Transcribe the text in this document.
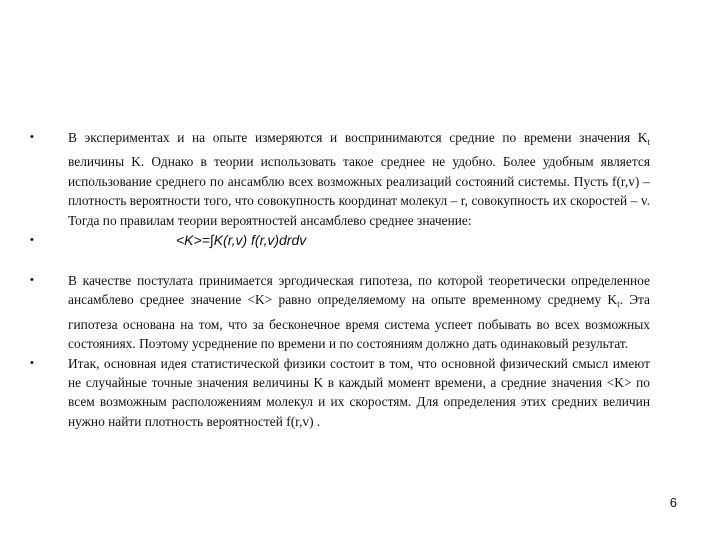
•	В экспериментах и на опыте измеряются и воспринимаются средние по времени значения $K_t$ величины K. Однако в теории использовать такое среднее не удобно. Более удобным является использование среднего по ансамблю всех возможных реализаций состояний системы. Пусть f(r,v) – плотность вероятности того, что совокупность координат молекул – r, совокупность их скоростей – v. Тогда по правилам теории вероятностей ансамблево среднее значение:
•	<K>=∫K(r,v) f(r,v)drdv
•	В качестве постулата принимается эргодическая гипотеза, по которой теоретически определенное ансамблево среднее значение <K> равно определяемому на опыте временному среднему $K_t$. Эта гипотеза основана на том, что за бесконечное время система успеет побывать во всех возможных состояниях. Поэтому усреднение по времени и по состояниям должно дать одинаковый результат.
•	Итак, основная идея статистической физики состоит в том, что основной физический смысл имеют не случайные точные значения величины K в каждый момент времени, а средние значения <K> по всем возможным расположениям молекул и их скоростям. Для определения этих средних величин нужно найти плотность вероятностей f(r,v) .
6
